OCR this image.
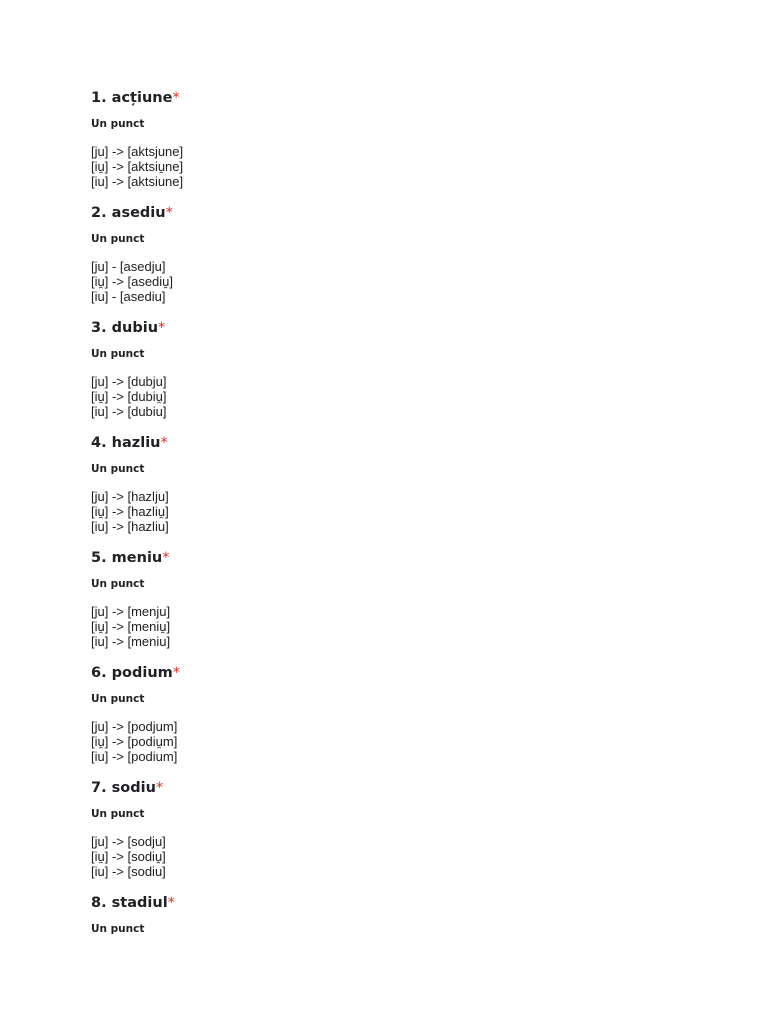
1. acțiune*
Un punct
[ju] -> [aktsjune]
[iu̯] -> [aktsiu̯ne]
[iu] -> [aktsiune]
2. asediu*
Un punct
[ju] - [asedju]
[iu̯] -> [asediu̯]
[iu] - [asediu]
3. dubiu*
Un punct
[ju] -> [dubju]
[iu̯] -> [dubiu̯]
[iu] -> [dubiu]
4. hazliu*
Un punct
[ju] -> [hazlju]
[iu̯] -> [hazliu̯]
[iu] -> [hazliu]
5. meniu*
Un punct
[ju] -> [menju]
[iu̯] -> [meniu̯]
[iu] -> [meniu]
6. podium*
Un punct
[ju] -> [podjum]
[iu̯] -> [podiu̯m]
[iu] -> [podium]
7. sodiu*
Un punct
[ju] -> [sodju]
[iu̯] -> [sodiu̯]
[iu] -> [sodiu]
8. stadiul*
Un punct
